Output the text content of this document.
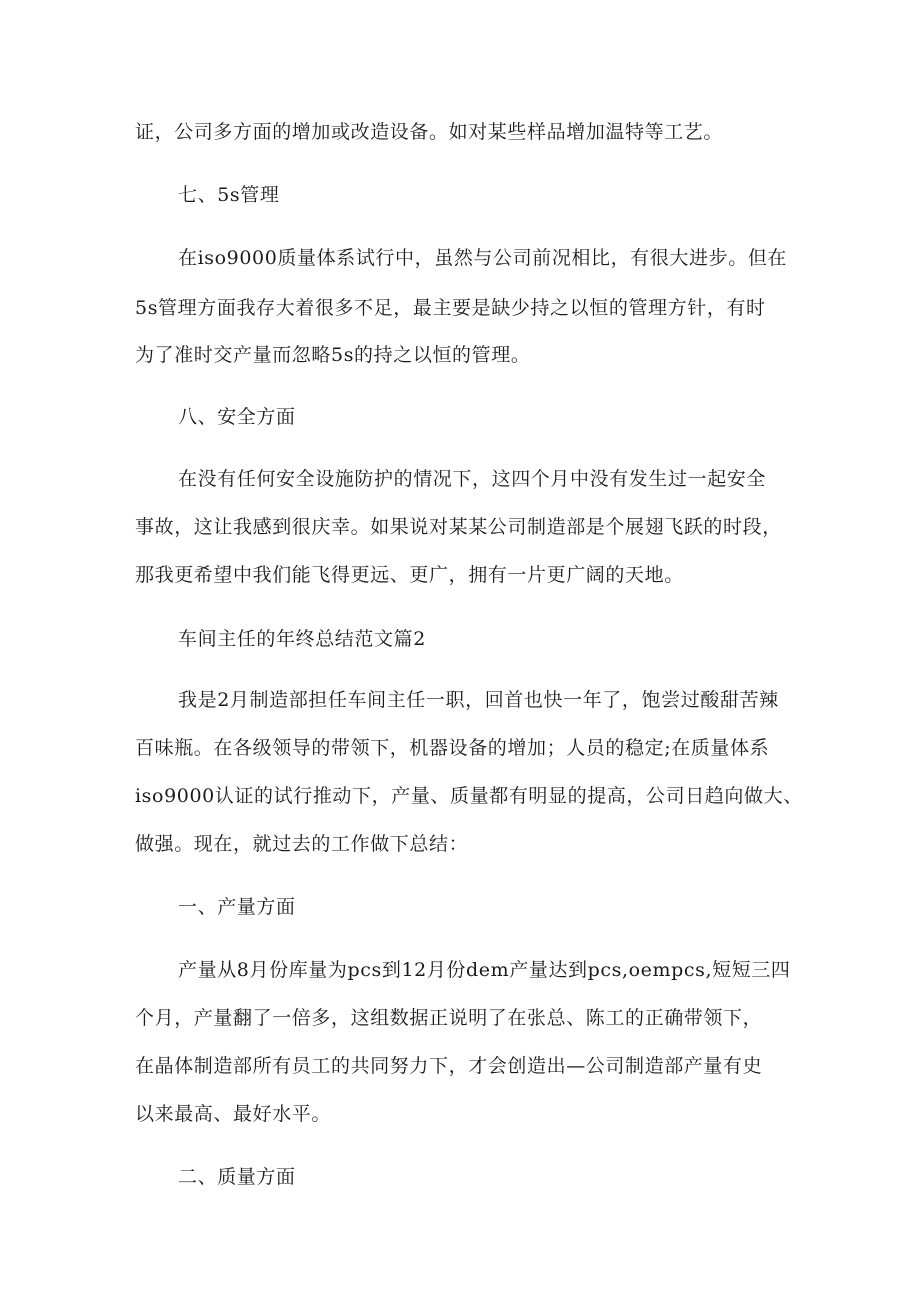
证，公司多方面的增加或改造设备。如对某些样品增加温特等工艺。

七、5s管理

在iso9000质量体系试行中，虽然与公司前况相比，有很大进步。但在

5s管理方面我存大着很多不足，最主要是缺少持之以恒的管理方针，有时

为了准时交产量而忽略5s的持之以恒的管理。

八、安全方面

在没有任何安全设施防护的情况下，这四个月中没有发生过一起安全

事故，这让我感到很庆幸。如果说对某某公司制造部是个展翅飞跃的时段，

那我更希望中我们能飞得更远、更广，拥有一片更广阔的天地。

车间主任的年终总结范文篇2

我是2月制造部担任车间主任一职，回首也快一年了，饱尝过酸甜苦辣

百味瓶。在各级领导的带领下，机器设备的增加；人员的稳定;在质量体系

iso9000认证的试行推动下，产量、质量都有明显的提高，公司日趋向做大、

做强。现在，就过去的工作做下总结：

一、产量方面

产量从8月份库量为pcs到12月份dem产量达到pcs,oempcs,短短三四

个月，产量翻了一倍多，这组数据正说明了在张总、陈工的正确带领下，

在晶体制造部所有员工的共同努力下，才会创造出—公司制造部产量有史

以来最高、最好水平。

二、质量方面
